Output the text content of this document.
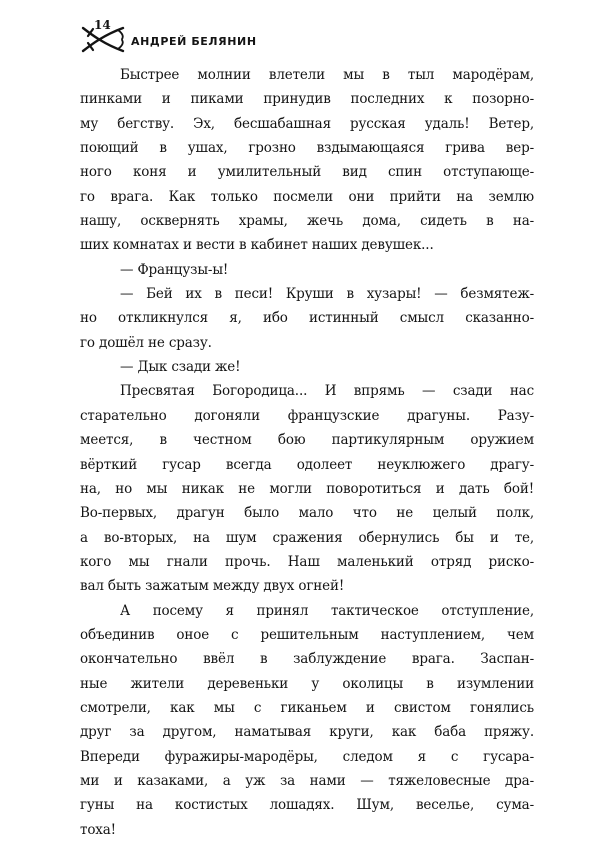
14
АНДРЕЙ БЕЛЯНИН
Быстрее молнии влетели мы в тыл мародёрам,
пинками и пиками принудив последних к позорно-
му бегству. Эх, бесшабашная русская удаль! Ветер,
поющий в ушах, грозно вздымающаяся грива вер-
ного коня и умилительный вид спин отступающе-
го врага. Как только посмели они прийти на землю
нашу, осквернять храмы, жечь дома, сидеть в на-
ших комнатах и вести в кабинет наших девушек...
— Французы-ы!
— Бей их в песи! Круши в хузары! — безмятеж-
но откликнулся я, ибо истинный смысл сказанно-
го дошёл не сразу.
— Дык сзади же!
Пресвятая Богородица... И впрямь — сзади нас
старательно догоняли французские драгуны. Разу-
меется, в честном бою партикулярным оружием
вёрткий гусар всегда одолеет неуклюжего драгу-
на, но мы никак не могли поворотиться и дать бой!
Во-первых, драгун было мало что не целый полк,
а во-вторых, на шум сражения обернулись бы и те,
кого мы гнали прочь. Наш маленький отряд риско-
вал быть зажатым между двух огней!
А посему я принял тактическое отступление,
объединив оное с решительным наступлением, чем
окончательно ввёл в заблуждение врага. Заспан-
ные жители деревеньки у околицы в изумлении
смотрели, как мы с гиканьем и свистом гонялись
друг за другом, наматывая круги, как баба пряжу.
Впереди фуражиры-мародёры, следом я с гусара-
ми и казаками, а уж за нами — тяжеловесные дра-
гуны на костистых лошадях. Шум, веселье, сума-
тоха!
